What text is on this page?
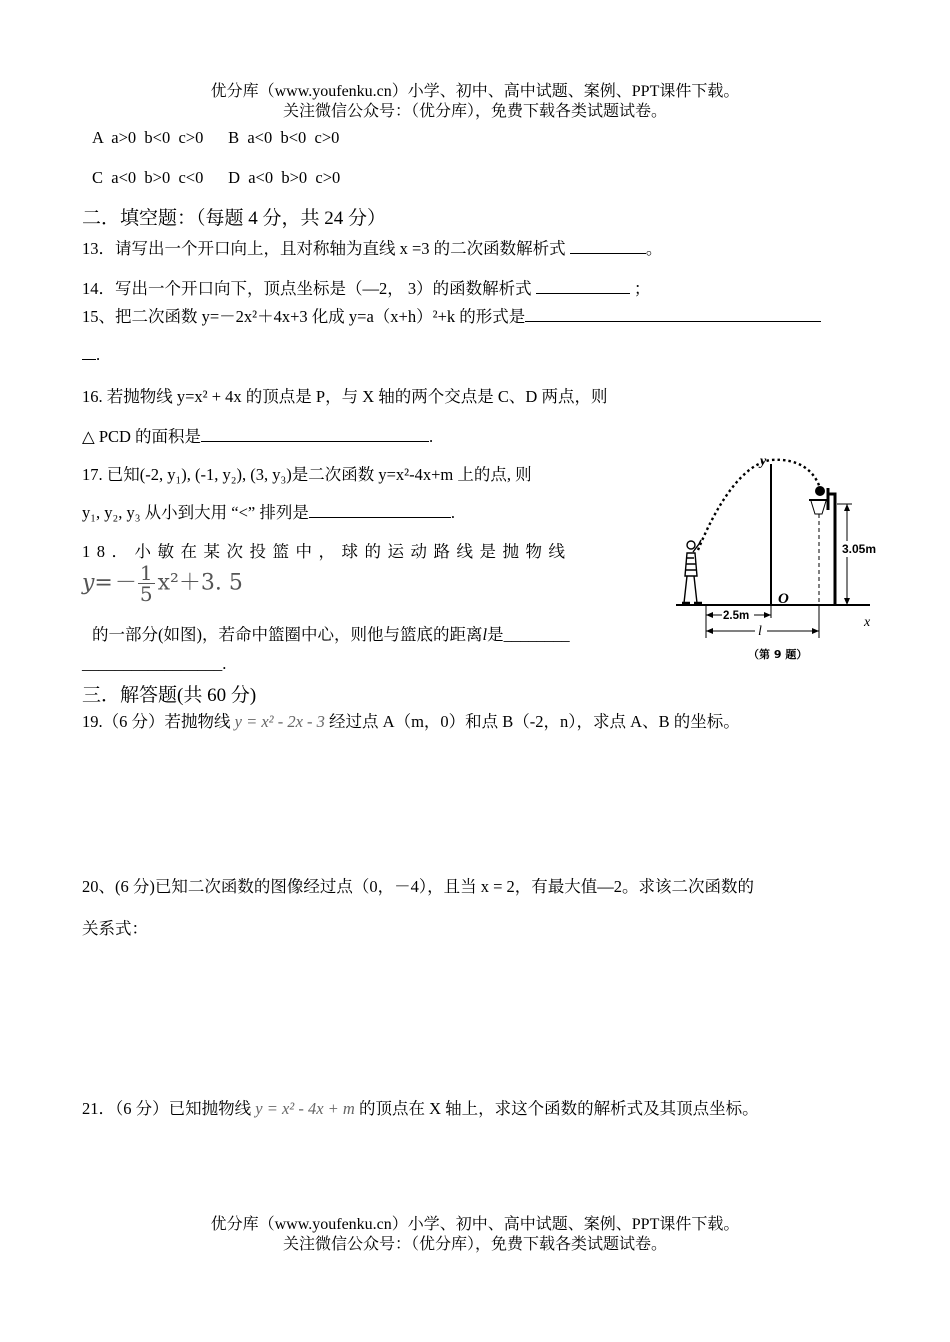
优分库（www.youfenku.cn）小学、初中、高中试题、案例、PPT课件下载。
关注微信公众号：（优分库），免费下载各类试题试卷。
A  a>0  b<0  c>0      B  a<0  b<0  c>0
C  a<0  b>0  c<0      D  a<0  b>0  c>0
二．填空题：（每题 4 分，共 24 分）
13．请写出一个开口向上，且对称轴为直线 x =3 的二次函数解析式	。
14．写出一个开口向下，顶点坐标是（—2， 3）的函数解析式	；
15、把二次函数 y=－2x²＋4x+3 化成 y=a（x+h）²+k 的形式是
.
16. 若抛物线 y=x² + 4x 的顶点是 P，与 X 轴的两个交点是 C、D 两点，则
△ PCD 的面积是	.
17. 已知(-2, y₁), (-1, y₂), (3, y₃)是二次函数 y=x²-4x+m 上的点, 则
y₁, y₂, y₃ 从小到大用 “<” 排列是	.
18．小敏在某次投篮中，球的运动路线是抛物线
$y=- \frac{1}{5} x^2+3$. 5
的一部分(如图)，若命中篮圈中心，则他与篮底的距离l是________
_________________.
x
y
O
3.05m
2.5m
l
（第 9 题）
三．解答题(共 60 分)
19.（6 分）若抛物线 y = x² - 2x - 3 经过点 A（m，0）和点 B（-2，n），求点 A、B 的坐标。
20、(6 分)已知二次函数的图像经过点（0，－4），且当 x = 2，有最大值—2。求该二次函数的
关系式：
21．（6 分）已知抛物线 y = x² - 4x + m 的顶点在 X 轴上，求这个函数的解析式及其顶点坐标。
优分库（www.youfenku.cn）小学、初中、高中试题、案例、PPT课件下载。
关注微信公众号：（优分库），免费下载各类试题试卷。
